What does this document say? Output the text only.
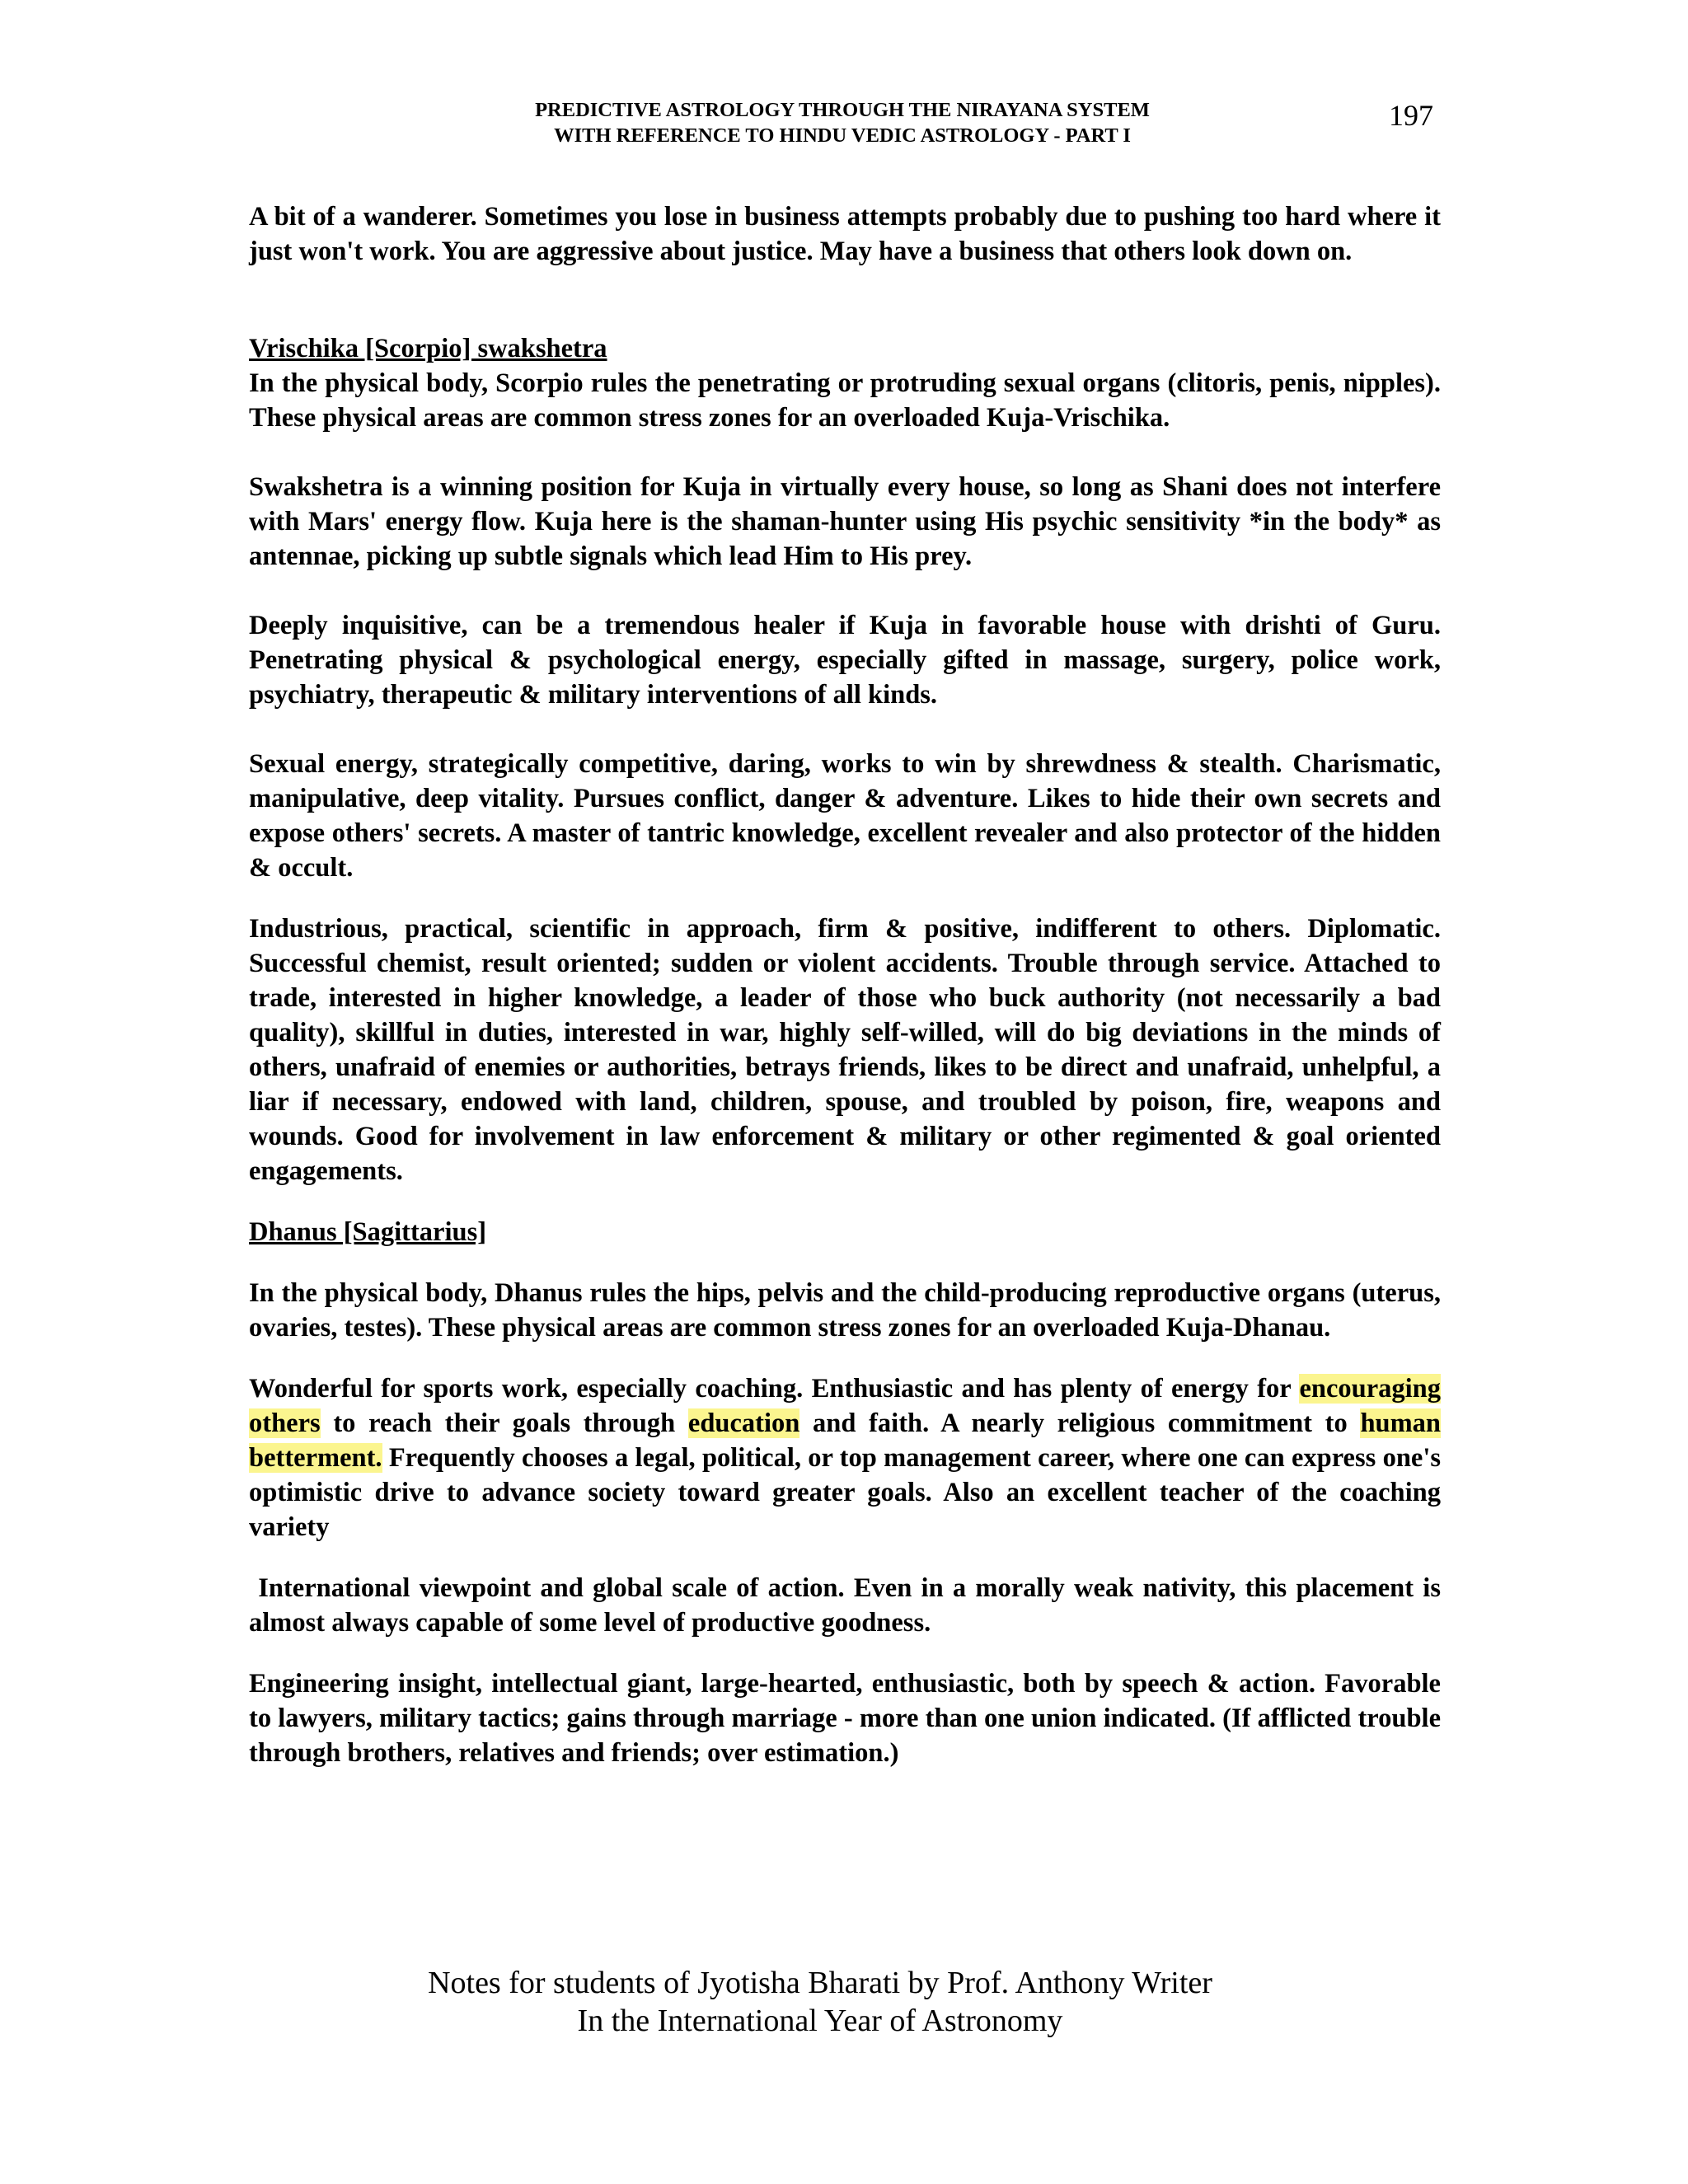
PREDICTIVE ASTROLOGY THROUGH THE NIRAYANA SYSTEM
WITH REFERENCE TO HINDU VEDIC ASTROLOGY - PART I
197

A bit of a wanderer. Sometimes you lose in business attempts probably due to pushing too hard where it just won't work. You are aggressive about justice. May have a business that others look down on.

Vrischika [Scorpio] swakshetra

In the physical body, Scorpio rules the penetrating or protruding sexual organs (clitoris, penis, nipples). These physical areas are common stress zones for an overloaded Kuja-Vrischika.

Swakshetra is a winning position for Kuja in virtually every house, so long as Shani does not interfere with Mars' energy flow. Kuja here is the shaman-hunter using His psychic sensitivity *in the body* as antennae, picking up subtle signals which lead Him to His prey.

Deeply inquisitive, can be a tremendous healer if Kuja in favorable house with drishti of Guru. Penetrating physical & psychological energy, especially gifted in massage, surgery, police work, psychiatry, therapeutic & military interventions of all kinds.

Sexual energy, strategically competitive, daring, works to win by shrewdness & stealth. Charismatic, manipulative, deep vitality. Pursues conflict, danger & adventure. Likes to hide their own secrets and expose others' secrets. A master of tantric knowledge, excellent revealer and also protector of the hidden & occult.

Industrious, practical, scientific in approach, firm & positive, indifferent to others. Diplomatic. Successful chemist, result oriented; sudden or violent accidents. Trouble through service. Attached to trade, interested in higher knowledge, a leader of those who buck authority (not necessarily a bad quality), skillful in duties, interested in war, highly self-willed, will do big deviations in the minds of others, unafraid of enemies or authorities, betrays friends, likes to be direct and unafraid, unhelpful, a liar if necessary, endowed with land, children, spouse, and troubled by poison, fire, weapons and wounds. Good for involvement in law enforcement & military or other regimented & goal oriented engagements.

Dhanus [Sagittarius]

In the physical body, Dhanus rules the hips, pelvis and the child-producing reproductive organs (uterus, ovaries, testes). These physical areas are common stress zones for an overloaded Kuja-Dhanau.

Wonderful for sports work, especially coaching. Enthusiastic and has plenty of energy for encouraging others to reach their goals through education and faith. A nearly religious commitment to human betterment. Frequently chooses a legal, political, or top management career, where one can express one's optimistic drive to advance society toward greater goals. Also an excellent teacher of the coaching variety

International viewpoint and global scale of action. Even in a morally weak nativity, this placement is almost always capable of some level of productive goodness.

Engineering insight, intellectual giant, large-hearted, enthusiastic, both by speech & action. Favorable to lawyers, military tactics; gains through marriage - more than one union indicated. (If afflicted trouble through brothers, relatives and friends; over estimation.)

Notes for students of Jyotisha Bharati by Prof. Anthony Writer
In the International Year of Astronomy
